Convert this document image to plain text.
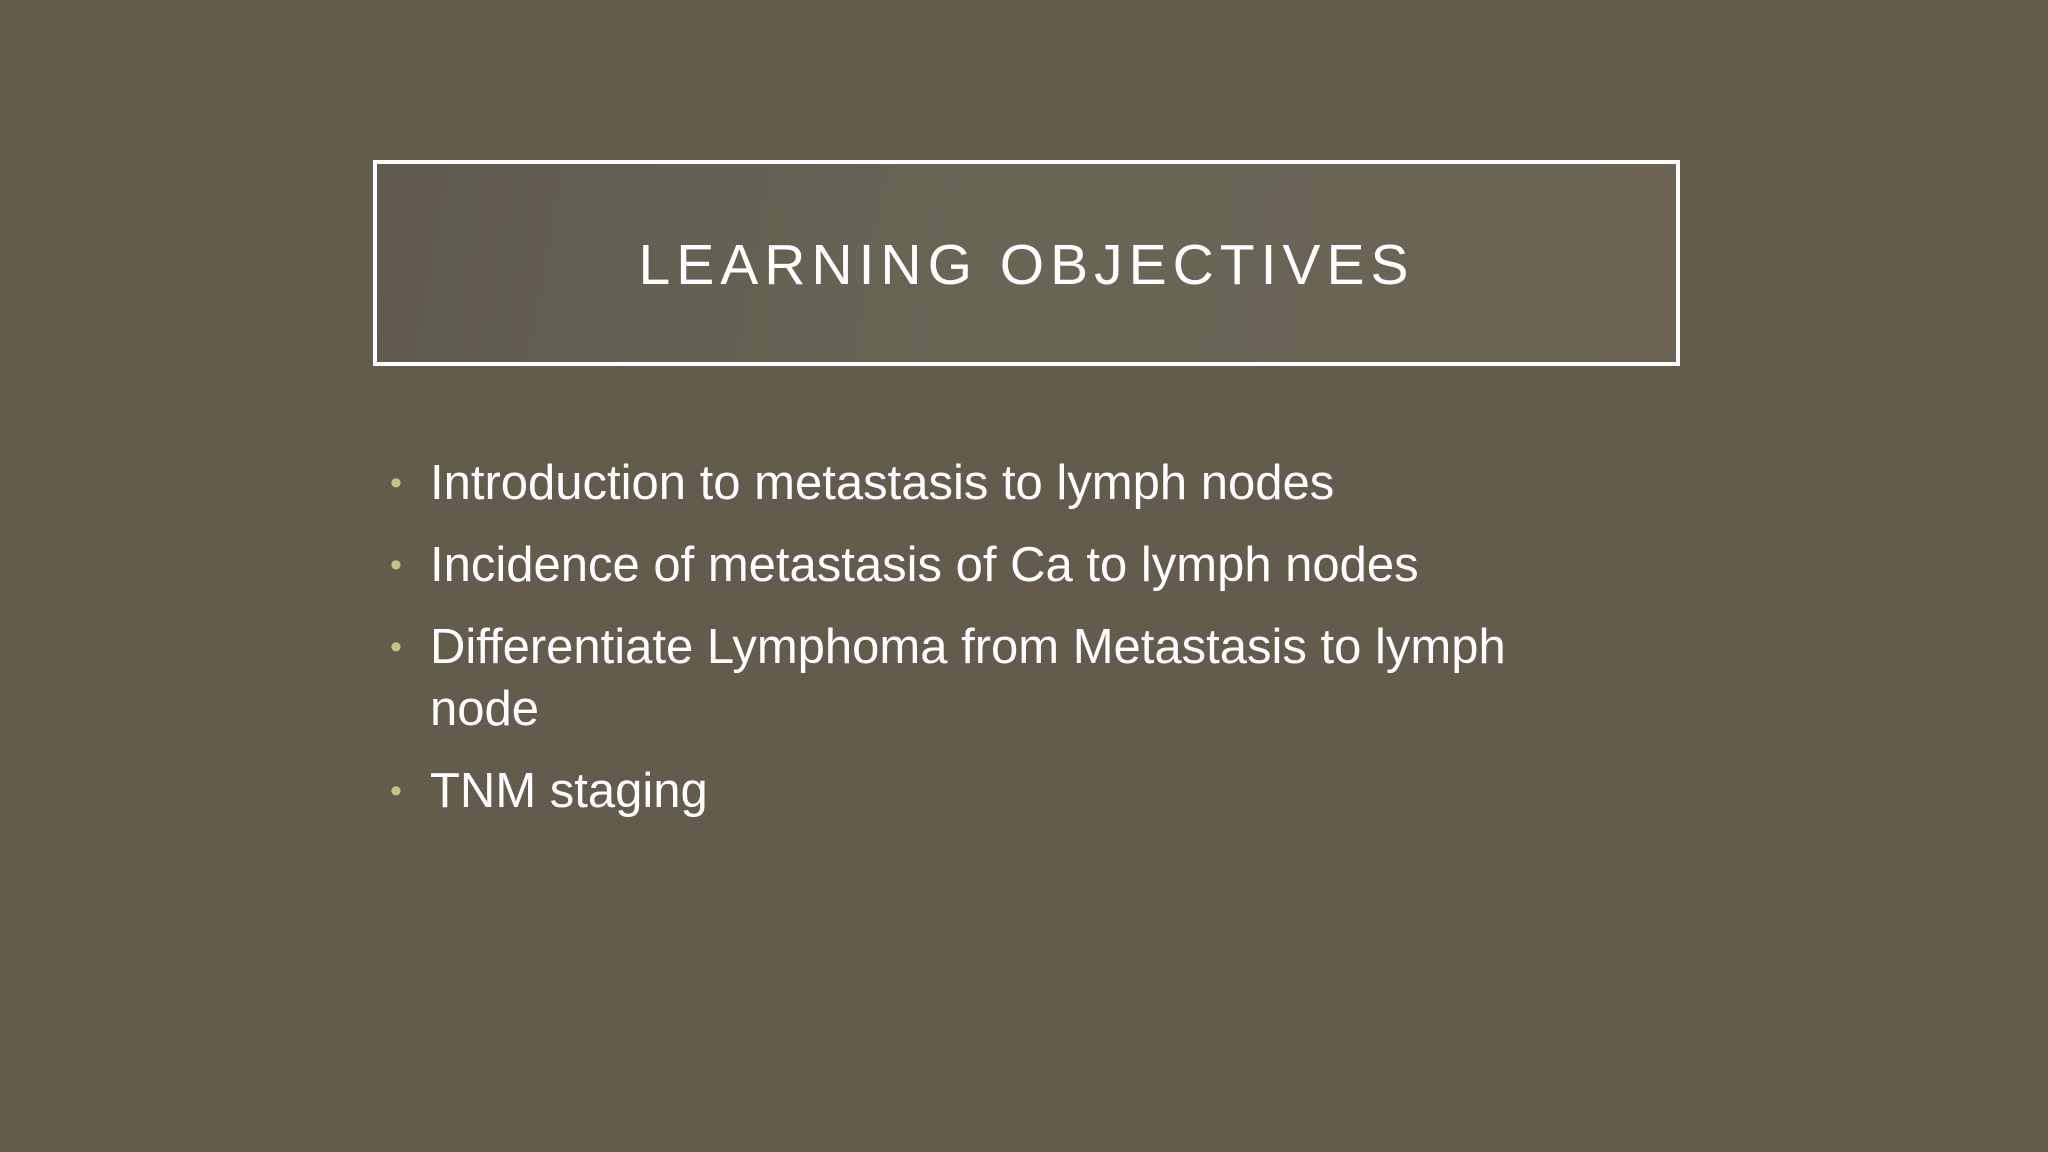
LEARNING OBJECTIVES
• Introduction to metastasis to lymph nodes
• Incidence of metastasis of Ca to lymph nodes
• Differentiate Lymphoma from Metastasis to lymph node
• TNM staging
